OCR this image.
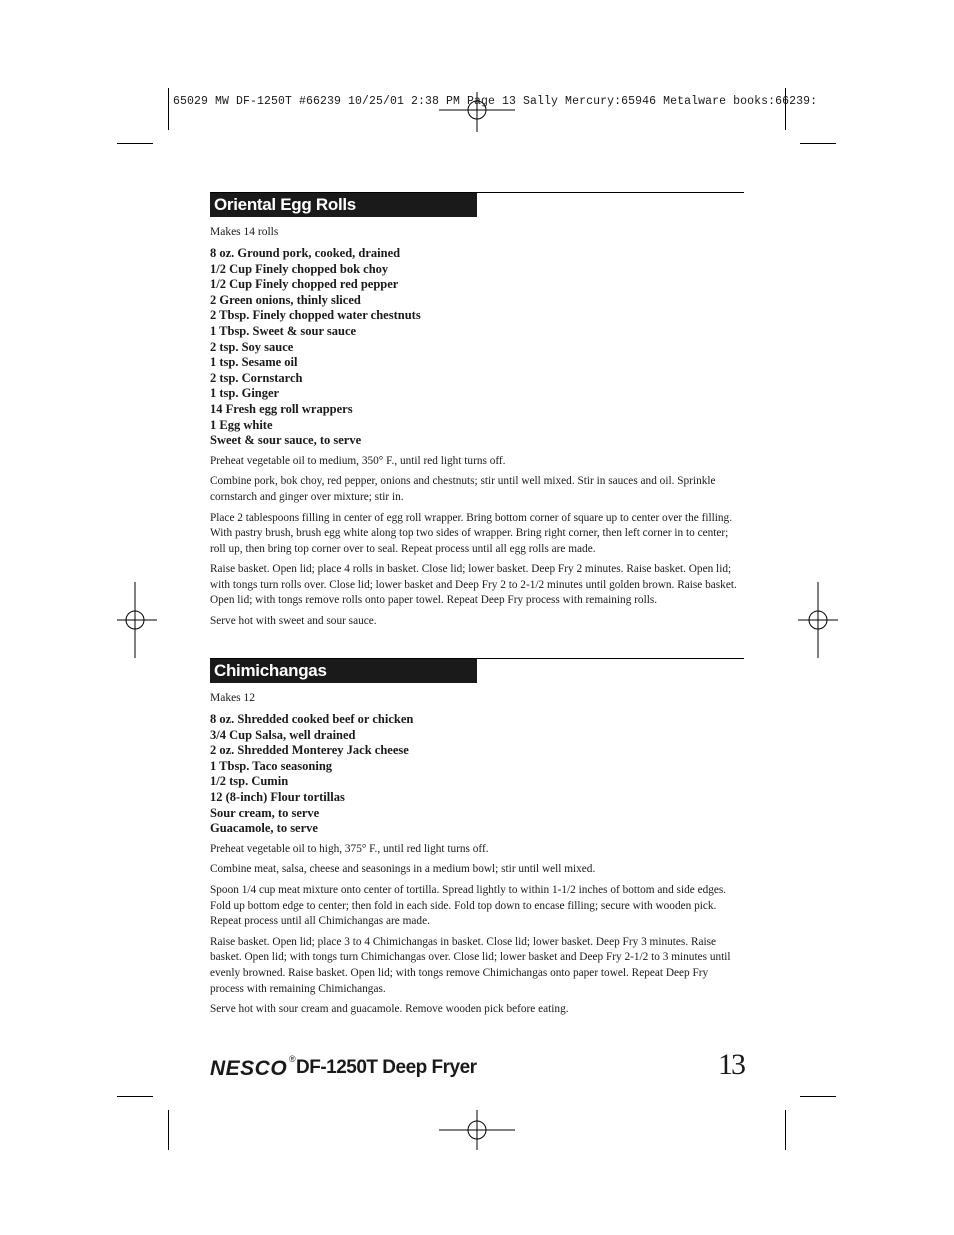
65029 MW DF-1250T #66239 10/25/01 2:38 PM Page 13 Sally Mercury:65946 Metalware books:66239:
Oriental Egg Rolls
Makes 14 rolls
8 oz. Ground pork, cooked, drained
1/2 Cup Finely chopped bok choy
1/2 Cup Finely chopped red pepper
2 Green onions, thinly sliced
2 Tbsp. Finely chopped water chestnuts
1 Tbsp. Sweet & sour sauce
2 tsp. Soy sauce
1 tsp. Sesame oil
2 tsp. Cornstarch
1 tsp. Ginger
14 Fresh egg roll wrappers
1 Egg white
Sweet & sour sauce, to serve

Preheat vegetable oil to medium, 350° F., until red light turns off.

Combine pork, bok choy, red pepper, onions and chestnuts; stir until well mixed. Stir in sauces and oil. Sprinkle cornstarch and ginger over mixture; stir in.

Place 2 tablespoons filling in center of egg roll wrapper. Bring bottom corner of square up to center over the filling. With pastry brush, brush egg white along top two sides of wrapper. Bring right corner, then left corner in to center; roll up, then bring top corner over to seal. Repeat process until all egg rolls are made.

Raise basket. Open lid; place 4 rolls in basket. Close lid; lower basket. Deep Fry 2 minutes. Raise basket. Open lid; with tongs turn rolls over. Close lid; lower basket and Deep Fry 2 to 2-1/2 minutes until golden brown. Raise basket. Open lid; with tongs remove rolls onto paper towel. Repeat Deep Fry process with remaining rolls.

Serve hot with sweet and sour sauce.

Chimichangas
Makes 12
8 oz. Shredded cooked beef or chicken
3/4 Cup Salsa, well drained
2 oz. Shredded Monterey Jack cheese
1 Tbsp. Taco seasoning
1/2 tsp. Cumin
12 (8-inch) Flour tortillas
Sour cream, to serve
Guacamole, to serve

Preheat vegetable oil to high, 375° F., until red light turns off.

Combine meat, salsa, cheese and seasonings in a medium bowl; stir until well mixed.

Spoon 1/4 cup meat mixture onto center of tortilla. Spread lightly to within 1-1/2 inches of bottom and side edges. Fold up bottom edge to center; then fold in each side. Fold top down to encase filling; secure with wooden pick. Repeat process until all Chimichangas are made.

Raise basket. Open lid; place 3 to 4 Chimichangas in basket. Close lid; lower basket. Deep Fry 3 minutes. Raise basket. Open lid; with tongs turn Chimichangas over. Close lid; lower basket and Deep Fry 2-1/2 to 3 minutes until evenly browned. Raise basket. Open lid; with tongs remove Chimichangas onto paper towel. Repeat Deep Fry process with remaining Chimichangas.

Serve hot with sour cream and guacamole. Remove wooden pick before eating.

NESCO ® DF-1250T Deep Fryer	13
